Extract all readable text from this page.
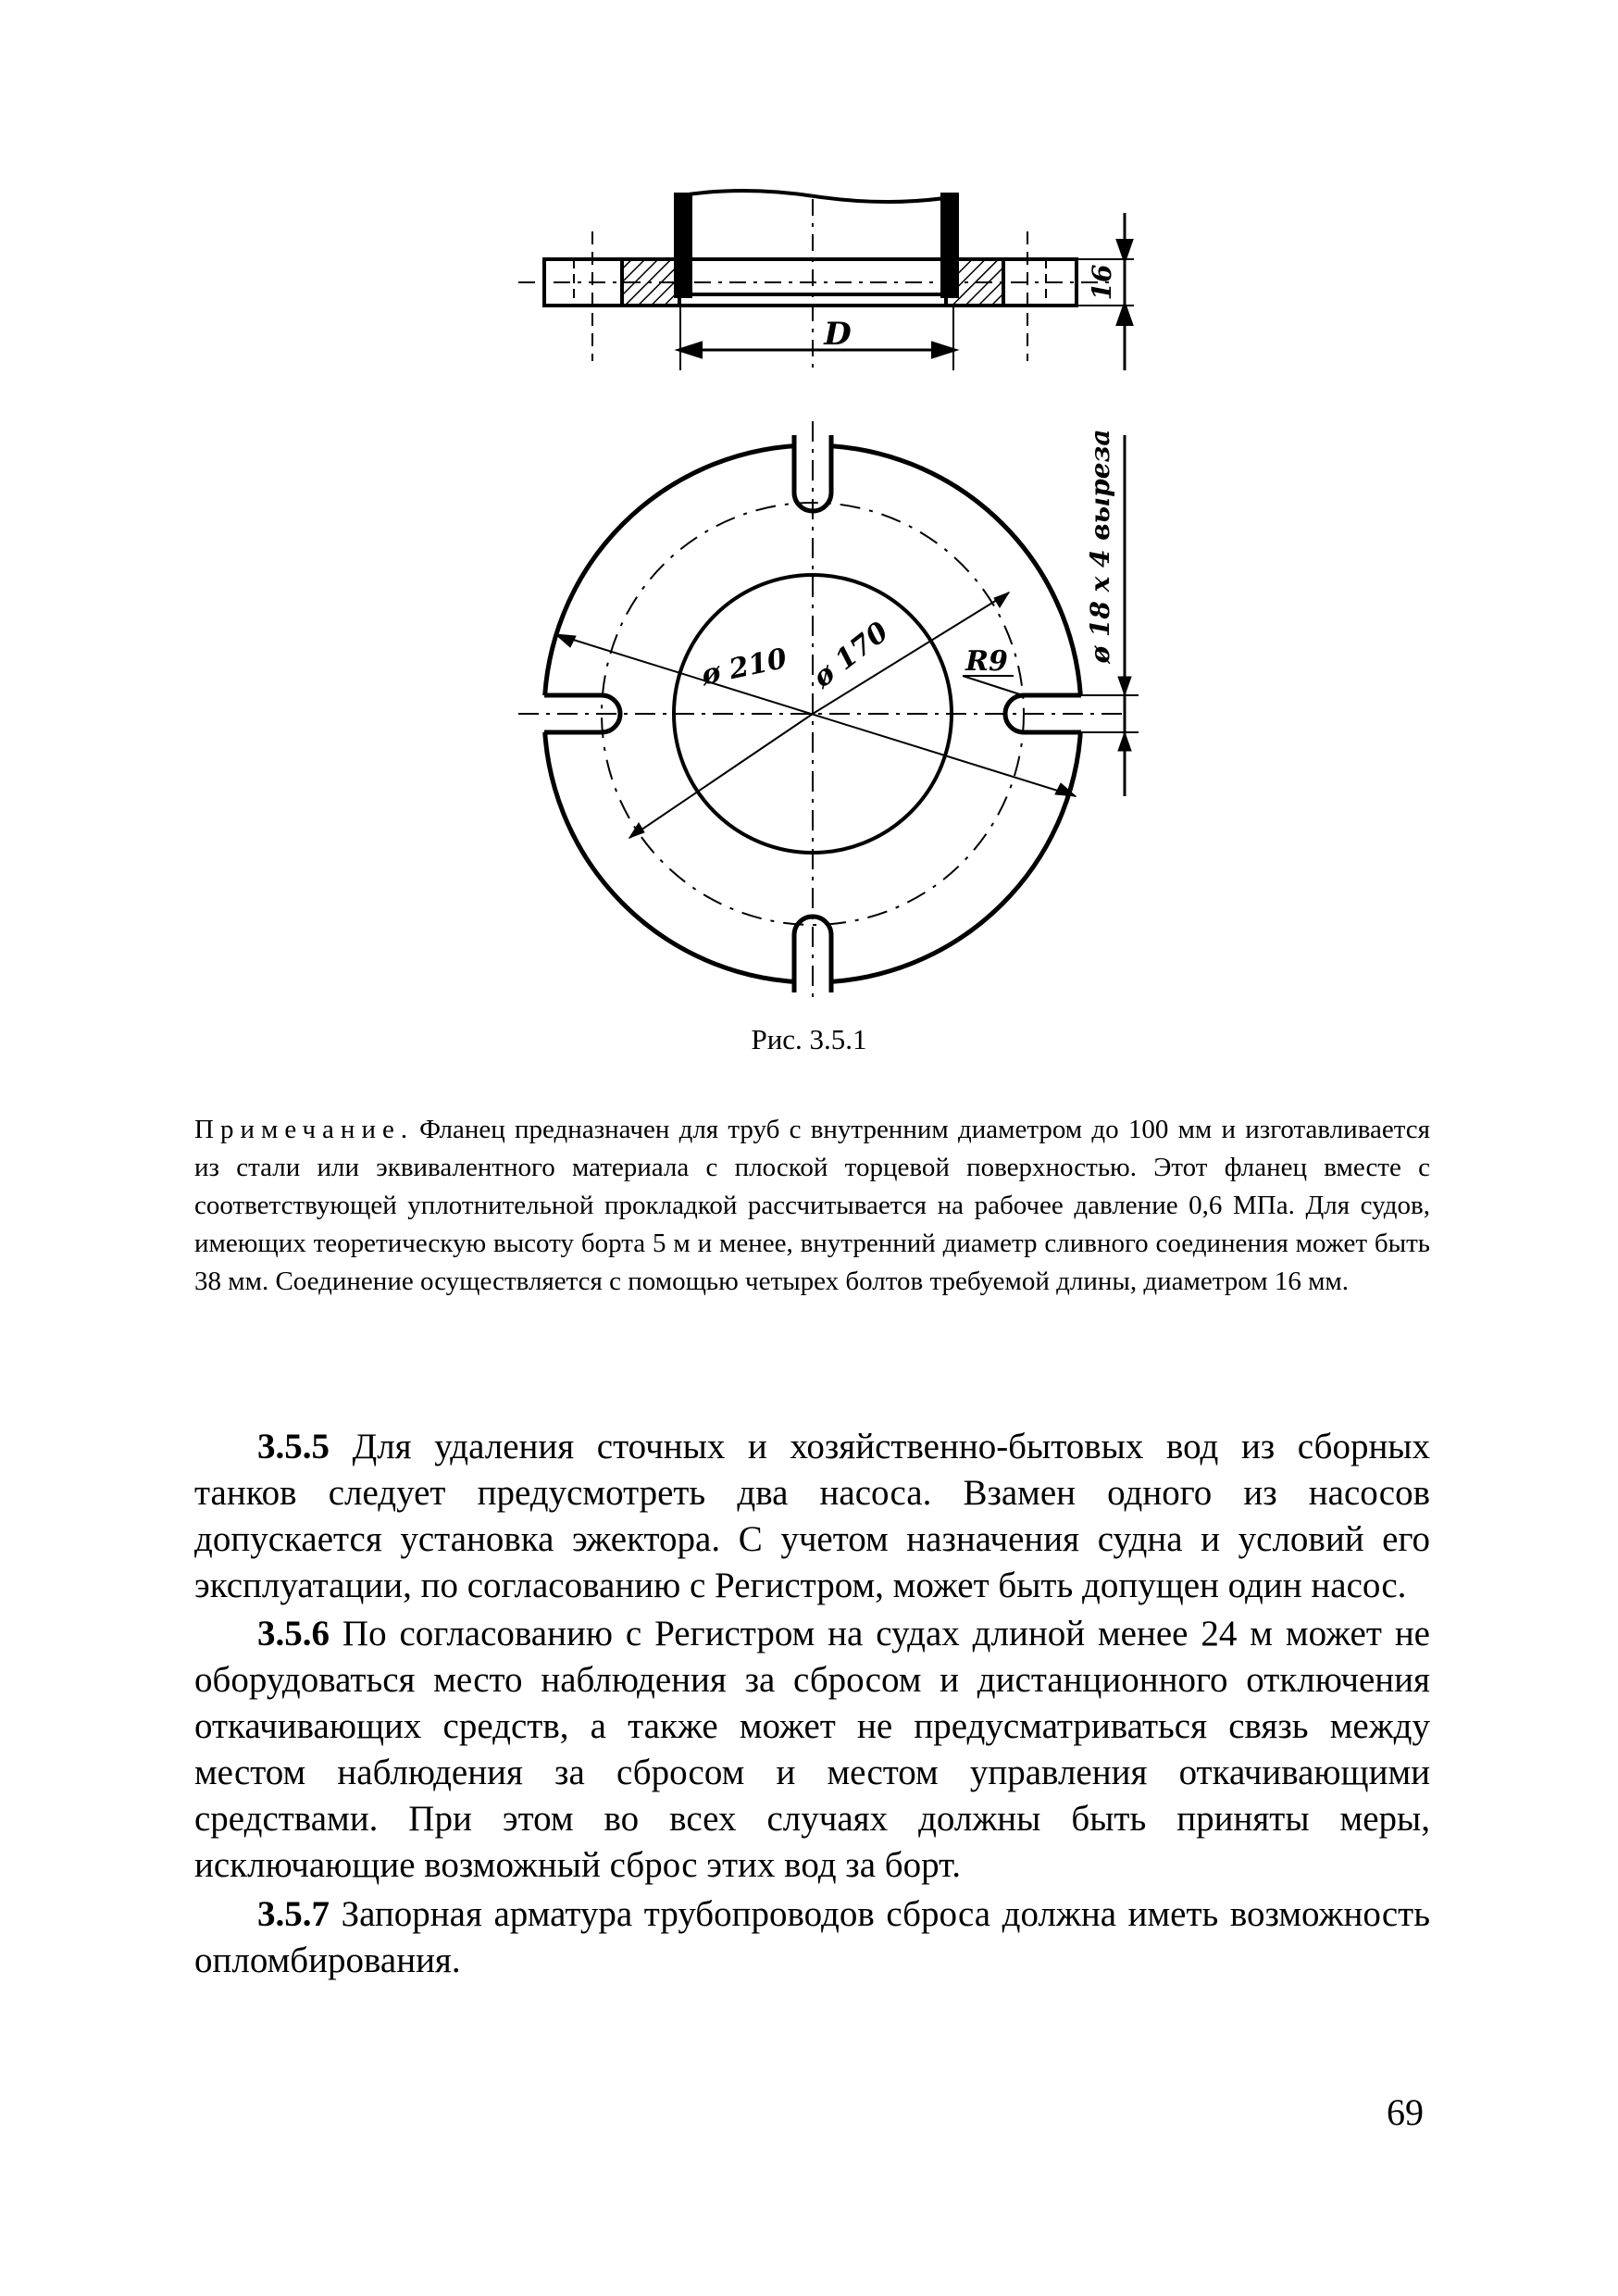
D
16
ø 210 ø 170	R9	ø 18 x 4 выреза
Рис. 3.5.1

Примечание. Фланец предназначен для труб с внутренним диаметром до 100 мм и изготавливается из стали или эквивалентного материала с плоской торцевой поверхностью. Этот фланец вместе с соответствующей уплотнительной прокладкой рассчитывается на рабочее давление 0,6 МПа. Для судов, имеющих теоретическую высоту борта 5 м и менее, внутренний диаметр сливного соединения может быть 38 мм. Соединение осуществляется с помощью четырех болтов требуемой длины, диаметром 16 мм.

3.5.5 Для удаления сточных и хозяйственно-бытовых вод из сборных танков следует предусмотреть два насоса. Взамен одного из насосов допускается установка эжектора. С учетом назначения судна и условий его эксплуатации, по согласованию с Регистром, может быть допущен один насос.

3.5.6 По согласованию с Регистром на судах длиной менее 24 м может не оборудоваться место наблюдения за сбросом и дистанционного отключения откачивающих средств, а также может не предусматриваться связь между местом наблюдения за сбросом и местом управления откачивающими средствами. При этом во всех случаях должны быть приняты меры, исключающие возможный сброс этих вод за борт.

3.5.7 Запорная арматура трубопроводов сброса должна иметь возможность опломбирования.

69
